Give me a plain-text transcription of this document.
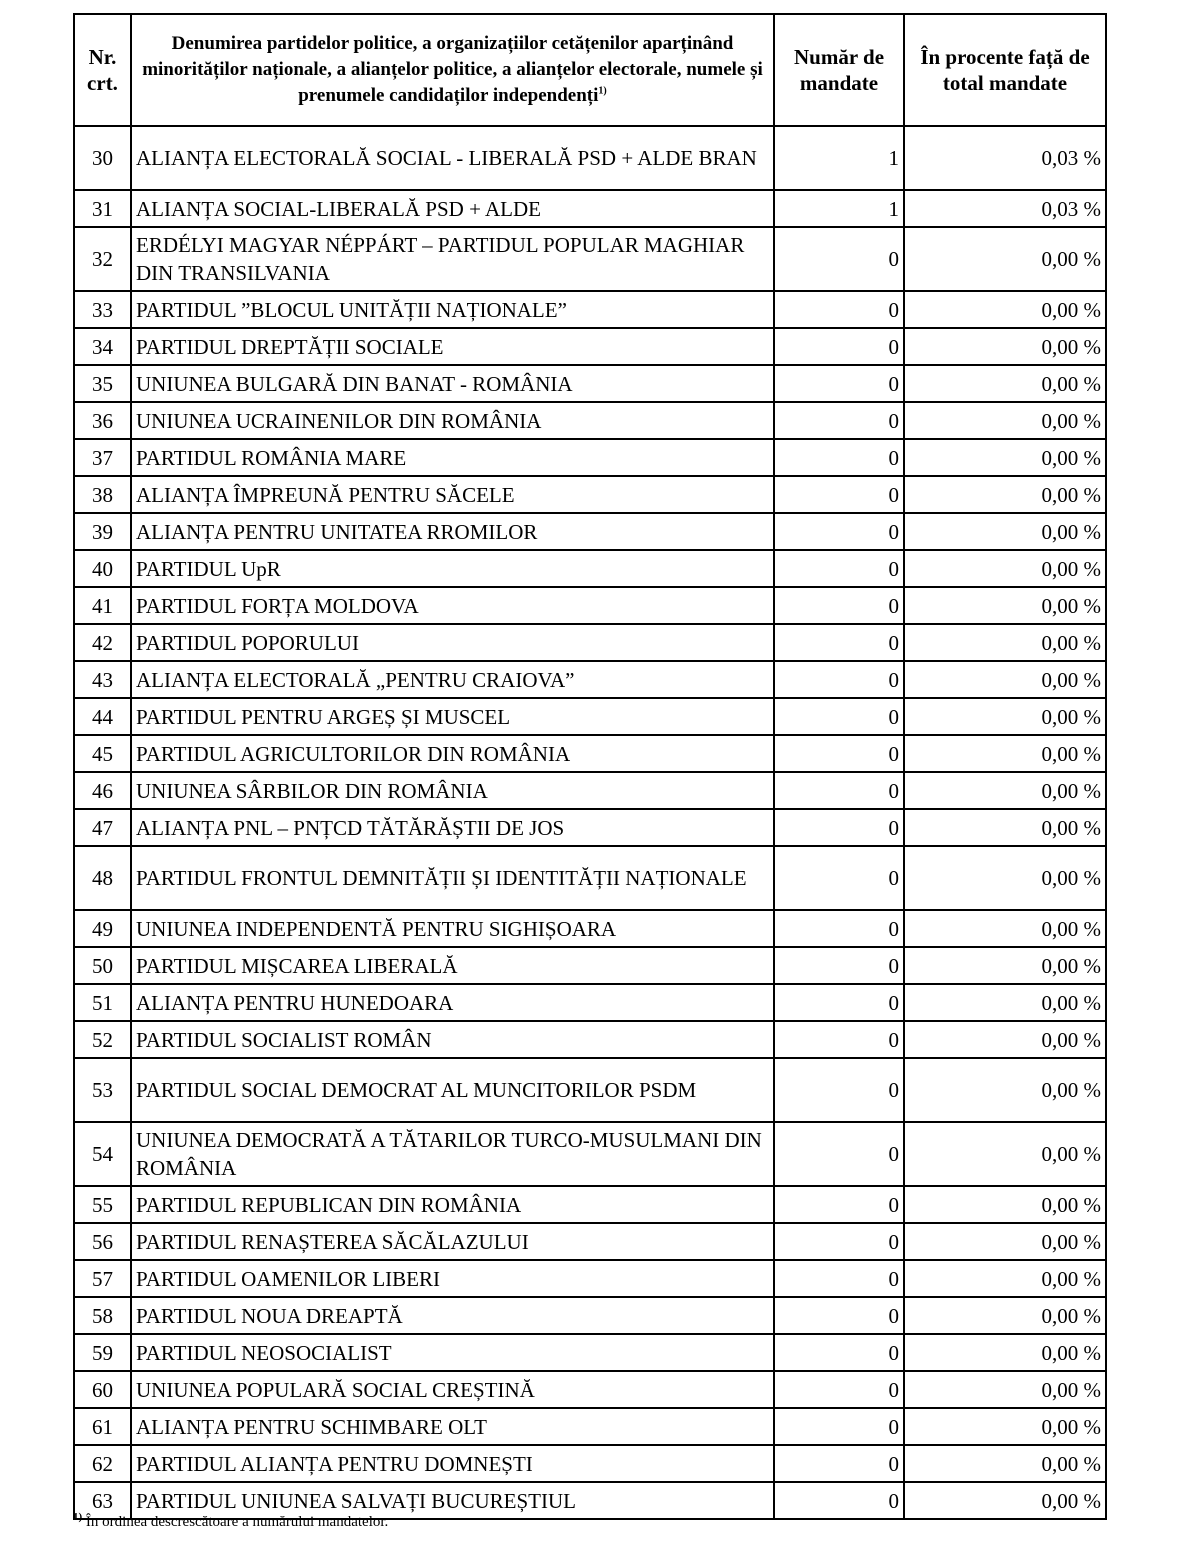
Nr. crt.	Denumirea partidelor politice, a organizațiilor cetățenilor aparținând minorităților naționale, a alianțelor politice, a alianțelor electorale, numele și prenumele candidaților independenți$^{1)}$	Număr de mandate	În procente față de total mandate
30	ALIANȚA ELECTORALĂ SOCIAL - LIBERALĂ PSD + ALDE BRAN	1	0,03 %
31	ALIANȚA SOCIAL-LIBERALĂ PSD + ALDE	1	0,03 %
32	ERDÉLYI MAGYAR NÉPPÁRT – PARTIDUL POPULAR MAGHIAR DIN TRANSILVANIA	0	0,00 %
33	PARTIDUL ”BLOCUL UNITĂȚII NAȚIONALE”	0	0,00 %
34	PARTIDUL DREPTĂȚII SOCIALE	0	0,00 %
35	UNIUNEA BULGARĂ DIN BANAT - ROMÂNIA	0	0,00 %
36	UNIUNEA UCRAINENILOR DIN ROMÂNIA	0	0,00 %
37	PARTIDUL ROMÂNIA MARE	0	0,00 %
38	ALIANȚA ÎMPREUNĂ PENTRU SĂCELE	0	0,00 %
39	ALIANȚA PENTRU UNITATEA RROMILOR	0	0,00 %
40	PARTIDUL UpR	0	0,00 %
41	PARTIDUL FORȚA MOLDOVA	0	0,00 %
42	PARTIDUL POPORULUI	0	0,00 %
43	ALIANȚA ELECTORALĂ „PENTRU CRAIOVA”	0	0,00 %
44	PARTIDUL PENTRU ARGEȘ ȘI MUSCEL	0	0,00 %
45	PARTIDUL AGRICULTORILOR DIN ROMÂNIA	0	0,00 %
46	UNIUNEA SÂRBILOR DIN ROMÂNIA	0	0,00 %
47	ALIANȚA PNL – PNȚCD TĂTĂRĂȘTII DE JOS	0	0,00 %
48	PARTIDUL FRONTUL DEMNITĂȚII ȘI IDENTITĂȚII NAȚIONALE	0	0,00 %
49	UNIUNEA INDEPENDENTĂ PENTRU SIGHIȘOARA	0	0,00 %
50	PARTIDUL MIȘCAREA LIBERALĂ	0	0,00 %
51	ALIANȚA PENTRU HUNEDOARA	0	0,00 %
52	PARTIDUL SOCIALIST ROMÂN	0	0,00 %
53	PARTIDUL SOCIAL DEMOCRAT AL MUNCITORILOR PSDM	0	0,00 %
54	UNIUNEA DEMOCRATĂ A TĂTARILOR TURCO-MUSULMANI DIN ROMÂNIA	0	0,00 %
55	PARTIDUL REPUBLICAN DIN ROMÂNIA	0	0,00 %
56	PARTIDUL RENAȘTEREA SĂCĂLAZULUI	0	0,00 %
57	PARTIDUL OAMENILOR LIBERI	0	0,00 %
58	PARTIDUL NOUA DREAPTĂ	0	0,00 %
59	PARTIDUL NEOSOCIALIST	0	0,00 %
60	UNIUNEA POPULARĂ SOCIAL CREȘTINĂ	0	0,00 %
61	ALIANȚA PENTRU SCHIMBARE OLT	0	0,00 %
62	PARTIDUL ALIANȚA PENTRU DOMNEȘTI	0	0,00 %
63	PARTIDUL UNIUNEA SALVAȚI BUCUREȘTIUL	0	0,00 %
$^{1)}$ În ordinea descrescătoare a numărului mandatelor.
